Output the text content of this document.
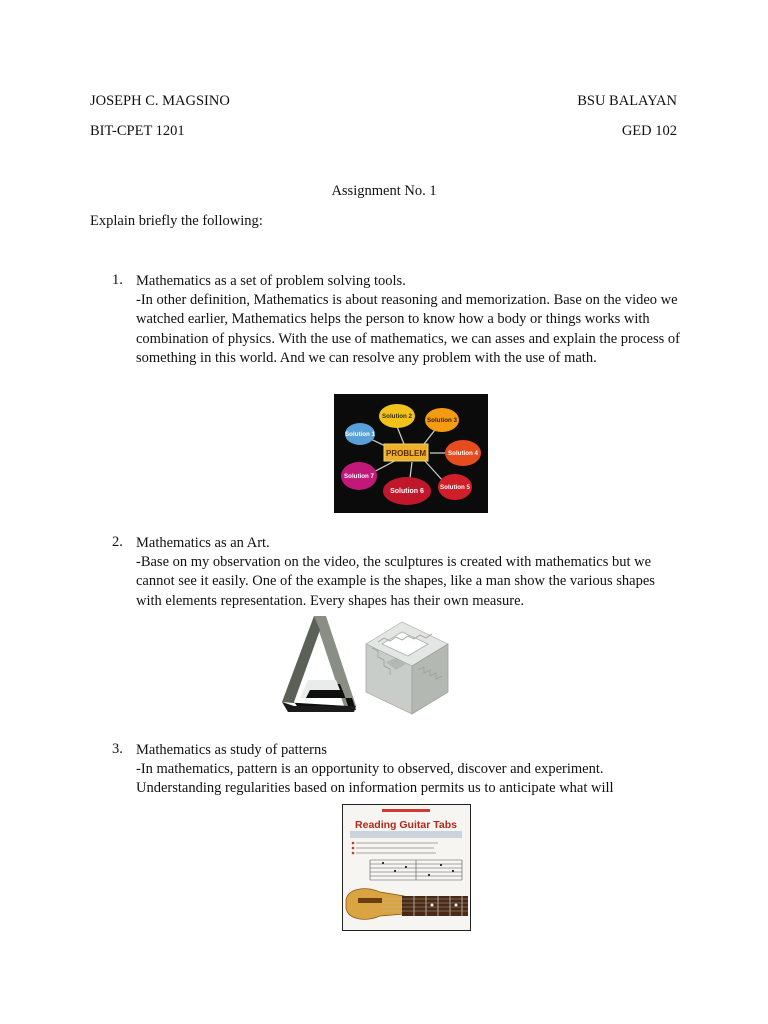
JOSEPH C. MAGSINO	BSU BALAYAN
BIT-CPET 1201	GED 102
Assignment No. 1
Explain briefly the following:
1. Mathematics as a set of problem solving tools.
-In other definition, Mathematics is about reasoning and memorization. Base on the video we watched earlier, Mathematics helps the person to know how a body or things works with combination of physics. With the use of mathematics, we can asses and explain the process of something in this world. And we can resolve any problem with the use of math.
PROBLEM
Solution 1
Solution 2
Solution 3
Solution 4
Solution 5
Solution 6
Solution 7
2. Mathematics as an Art.
-Base on my observation on the video, the sculptures is created with mathematics but we cannot see it easily. One of the example is the shapes, like a man show the various shapes with elements representation. Every shapes has their own measure.
3. Mathematics as study of patterns
-In mathematics, pattern is an opportunity to observed, discover and experiment. Understanding regularities based on information permits us to anticipate what will
Reading Guitar Tabs
